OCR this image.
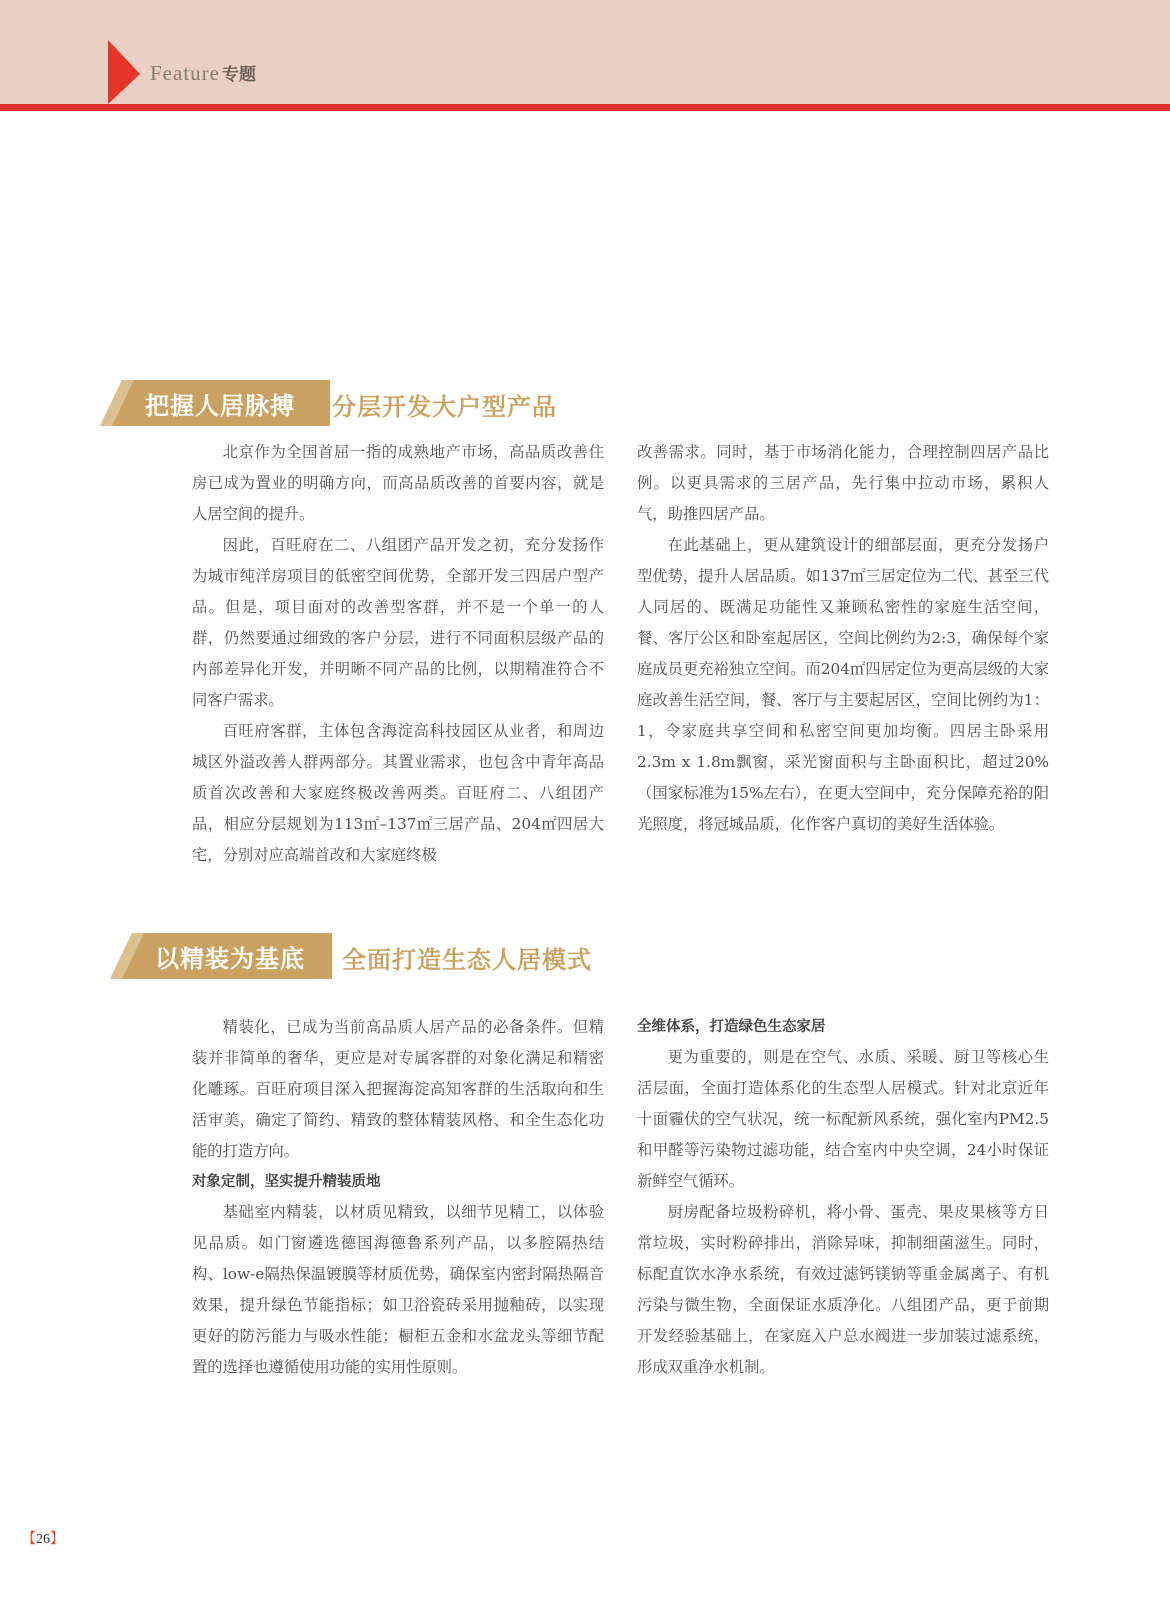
Feature 专题
把握人居脉搏 分层开发大户型产品

北京作为全国首屈一指的成熟地产市场，高品质改善住房已成为置业的明确方向，而高品质改善的首要内容，就是人居空间的提升。

因此，百旺府在二、八组团产品开发之初，充分发扬作为城市纯洋房项目的低密空间优势，全部开发三四居户型产品。但是，项目面对的改善型客群，并不是一个单一的人群，仍然要通过细致的客户分层，进行不同面积层级产品的内部差异化开发，并明晰不同产品的比例，以期精准符合不同客户需求。

百旺府客群，主体包含海淀高科技园区从业者，和周边城区外溢改善人群两部分。其置业需求，也包含中青年高品质首次改善和大家庭终极改善两类。百旺府二、八组团产品，相应分层规划为113㎡–137㎡三居产品、204㎡四居大宅，分别对应高端首改和大家庭终极

改善需求。同时，基于市场消化能力，合理控制四居产品比例。以更具需求的三居产品，先行集中拉动市场，累积人气，助推四居产品。

在此基础上，更从建筑设计的细部层面，更充分发扬户型优势，提升人居品质。如137㎡三居定位为二代、甚至三代人同居的、既满足功能性又兼顾私密性的家庭生活空间，餐、客厅公区和卧室起居区，空间比例约为2:3，确保每个家庭成员更充裕独立空间。而204㎡四居定位为更高层级的大家庭改善生活空间，餐、客厅与主要起居区，空间比例约为1：1，令家庭共享空间和私密空间更加均衡。四居主卧采用2.3m x 1.8m飘窗，采光窗面积与主卧面积比，超过20%（国家标准为15%左右），在更大空间中，充分保障充裕的阳光照度，将冠城品质，化作客户真切的美好生活体验。

以精装为基底 全面打造生态人居模式

精装化，已成为当前高品质人居产品的必备条件。但精装并非简单的奢华，更应是对专属客群的对象化满足和精密化雕琢。百旺府项目深入把握海淀高知客群的生活取向和生活审美，确定了简约、精致的整体精装风格、和全生态化功能的打造方向。

对象定制，坚实提升精装质地

基础室内精装，以材质见精致，以细节见精工，以体验见品质。如门窗遴选德国海德鲁系列产品，以多腔隔热结构、low-e隔热保温镀膜等材质优势，确保室内密封隔热隔音效果，提升绿色节能指标；如卫浴瓷砖采用抛釉砖，以实现更好的防污能力与吸水性能；橱柜五金和水盆龙头等细节配置的选择也遵循使用功能的实用性原则。

全维体系，打造绿色生态家居

更为重要的，则是在空气、水质、采暖、厨卫等核心生活层面，全面打造体系化的生态型人居模式。针对北京近年十面霾伏的空气状况，统一标配新风系统，强化室内PM2.5和甲醛等污染物过滤功能，结合室内中央空调，24小时保证新鲜空气循环。

厨房配备垃圾粉碎机，将小骨、蛋壳、果皮果核等方日常垃圾，实时粉碎排出，消除异味，抑制细菌滋生。同时，标配直饮水净水系统，有效过滤钙镁钠等重金属离子、有机污染与微生物，全面保证水质净化。八组团产品，更于前期开发经验基础上，在家庭入户总水阀进一步加装过滤系统，形成双重净水机制。

【26】
